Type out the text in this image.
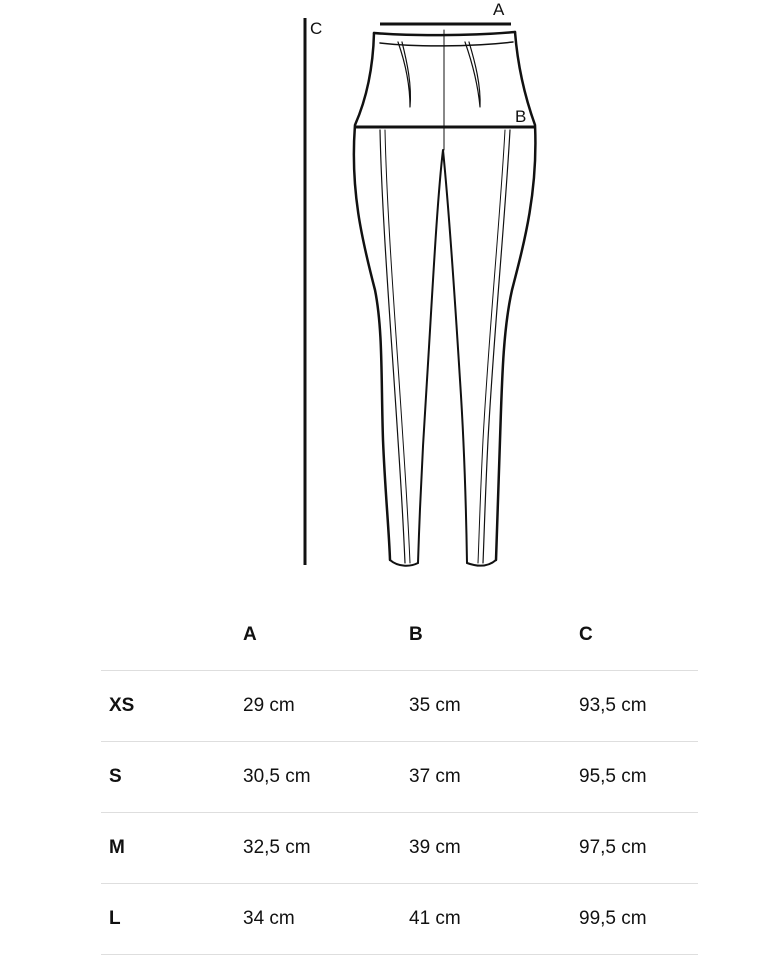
C
A
B
	A	B	C
XS	29 cm	35 cm	93,5 cm
S	30,5 cm	37 cm	95,5 cm
M	32,5 cm	39 cm	97,5 cm
L	34 cm	41 cm	99,5 cm
